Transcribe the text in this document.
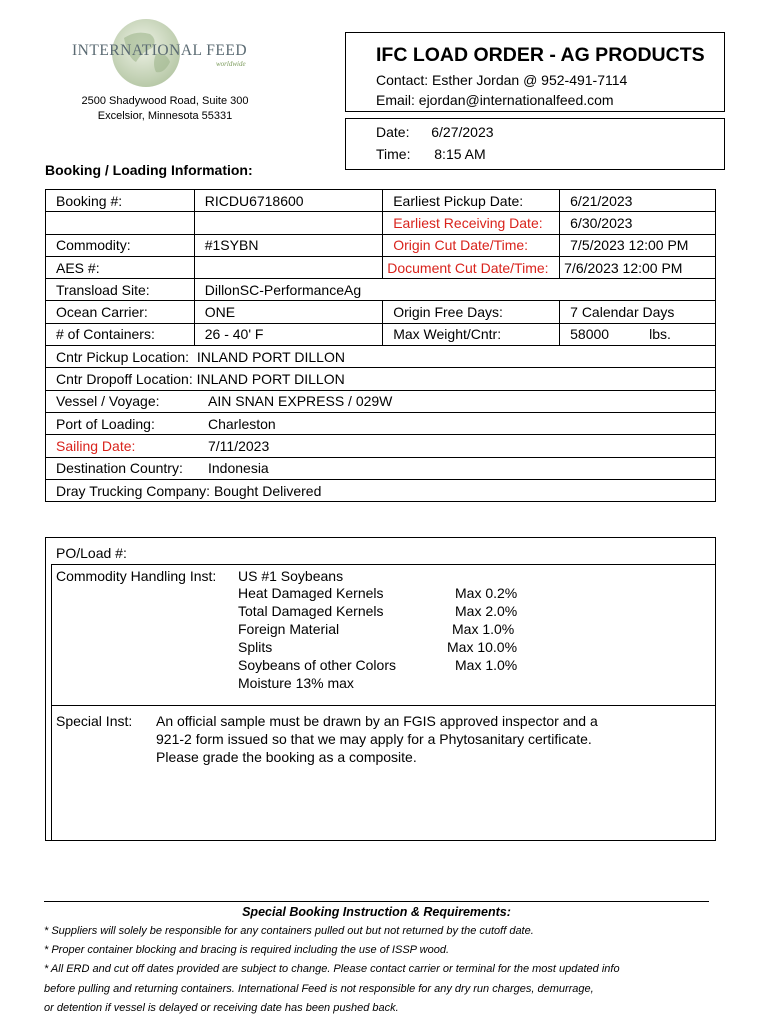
INTERNATIONAL FEED
worldwide
2500 Shadywood Road, Suite 300
Excelsior, Minnesota 55331
IFC LOAD ORDER - AG PRODUCTS
Contact: Esther Jordan @ 952-491-7114
Email: ejordan@internationalfeed.com
Date: 6/27/2023
Time: 8:15 AM
Booking / Loading Information:
Booking #:	RICDU6718600	Earliest Pickup Date:	6/21/2023
		Earliest Receiving Date:	6/30/2023
Commodity:	#1SYBN	Origin Cut Date/Time:	7/5/2023 12:00 PM
AES #:		Document Cut Date/Time:	7/6/2023 12:00 PM
Transload Site:	DillonSC-PerformanceAg		
Ocean Carrier:	ONE	Origin Free Days:	7 Calendar Days
# of Containers:	26 - 40' F	Max Weight/Cntr:	58000 lbs.
Cntr Pickup Location: INLAND PORT DILLON			
Cntr Dropoff Location: INLAND PORT DILLON			
Vessel / Voyage: AIN SNAN EXPRESS / 029W			
Port of Loading: Charleston			
Sailing Date: 7/11/2023			
Destination Country: Indonesia			
Dray Trucking Company: Bought Delivered			
PO/Load #:
Commodity Handling Inst: US #1 Soybeans
Heat Damaged Kernels	Max 0.2%
Total Damaged Kernels	Max 2.0%
Foreign Material	Max 1.0%
Splits	Max 10.0%
Soybeans of other Colors	Max 1.0%
Moisture 13% max
Special Inst: An official sample must be drawn by an FGIS approved inspector and a
921-2 form issued so that we may apply for a Phytosanitary certificate.
Please grade the booking as a composite.
Special Booking Instruction & Requirements:
* Suppliers will solely be responsible for any containers pulled out but not returned by the cutoff date.
* Proper container blocking and bracing is required including the use of ISSP wood.
* All ERD and cut off dates provided are subject to change. Please contact carrier or terminal for the most updated info
before pulling and returning containers. International Feed is not responsible for any dry run charges, demurrage,
or detention if vessel is delayed or receiving date has been pushed back.
